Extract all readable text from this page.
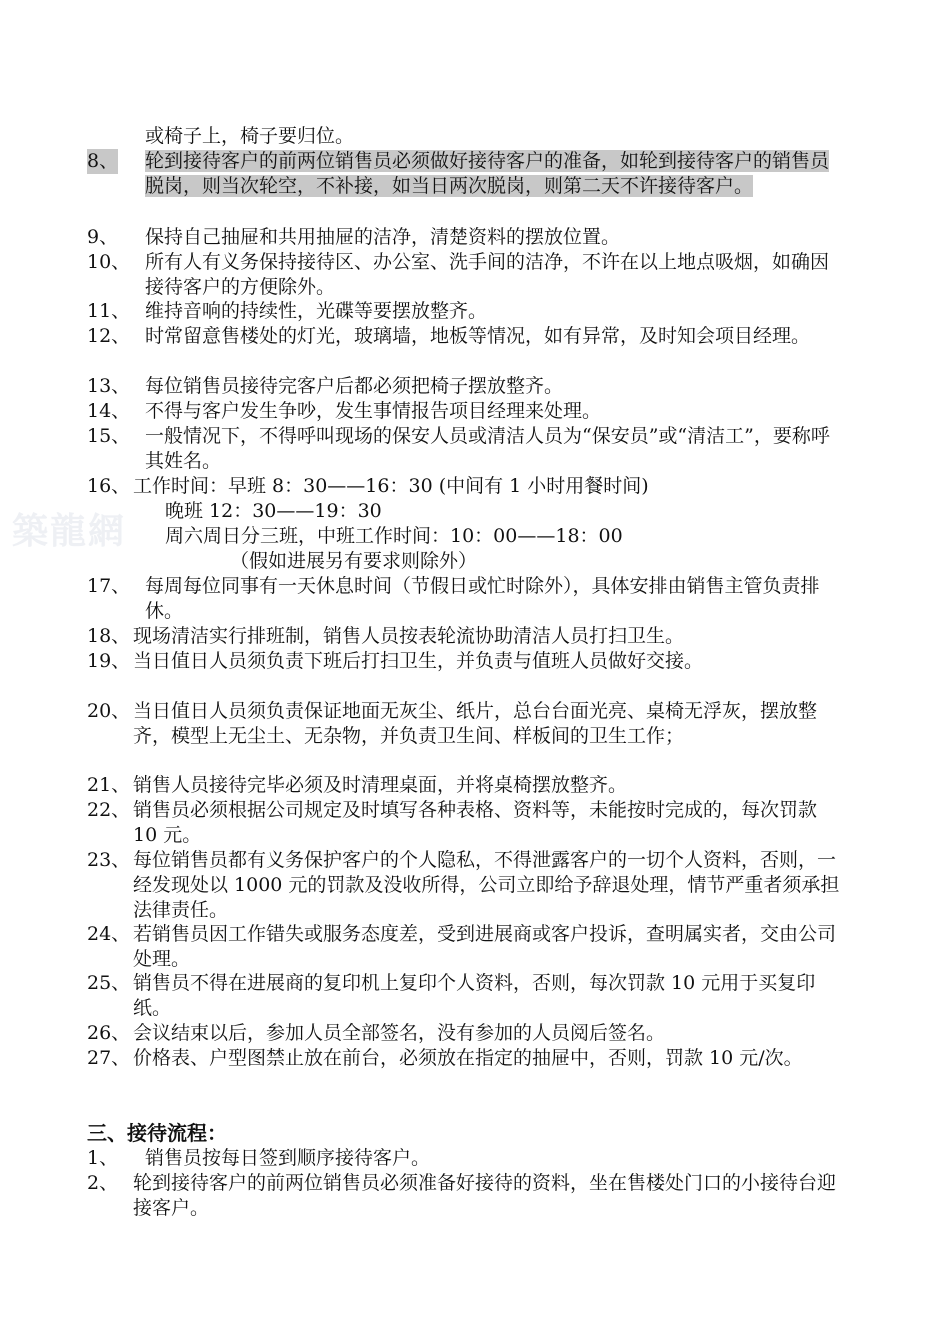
築龍網
或椅子上，椅子要归位。
8、	轮到接待客户的前两位销售员必须做好接待客户的准备，如轮到接待客户的销售员脱岗，则当次轮空，不补接，如当日两次脱岗，则第二天不许接待客户。
9、	保持自己抽屉和共用抽屉的洁净，清楚资料的摆放位置。
10、 所有人有义务保持接待区、办公室、洗手间的洁净，不许在以上地点吸烟，如确因接待客户的方便除外。
11、 维持音响的持续性，光碟等要摆放整齐。
12、 时常留意售楼处的灯光，玻璃墙，地板等情况，如有异常，及时知会项目经理。
13、 每位销售员接待完客户后都必须把椅子摆放整齐。
14、 不得与客户发生争吵，发生事情报告项目经理来处理。
15、 一般情况下，不得呼叫现场的保安人员或清洁人员为“保安员”或“清洁工”，要称呼其姓名。
16、 工作时间：早班 8：30——16：30 (中间有 1 小时用餐时间)
晚班 12：30——19：30
周六周日分三班，中班工作时间：10：00——18：00
（假如进展另有要求则除外）
17、 每周每位同事有一天休息时间（节假日或忙时除外），具体安排由销售主管负责排休。
18、 现场清洁实行排班制，销售人员按表轮流协助清洁人员打扫卫生。
19、 当日值日人员须负责下班后打扫卫生，并负责与值班人员做好交接。
20、 当日值日人员须负责保证地面无灰尘、纸片，总台台面光亮、桌椅无浮灰，摆放整齐，模型上无尘土、无杂物，并负责卫生间、样板间的卫生工作；
21、 销售人员接待完毕必须及时清理桌面，并将桌椅摆放整齐。
22、 销售员必须根据公司规定及时填写各种表格、资料等，未能按时完成的，每次罚款 10 元。
23、 每位销售员都有义务保护客户的个人隐私，不得泄露客户的一切个人资料，否则，一经发现处以 1000 元的罚款及没收所得，公司立即给予辞退处理，情节严重者须承担法律责任。
24、 若销售员因工作错失或服务态度差，受到进展商或客户投诉，查明属实者，交由公司处理。
25、 销售员不得在进展商的复印机上复印个人资料，否则，每次罚款 10 元用于买复印纸。
26、 会议结束以后，参加人员全部签名，没有参加的人员阅后签名。
27、 价格表、户型图禁止放在前台，必须放在指定的抽屉中，否则，罚款 10 元/次。
三、接待流程：
1、	销售员按每日签到顺序接待客户。
2、 轮到接待客户的前两位销售员必须准备好接待的资料，坐在售楼处门口的小接待台迎接客户。
